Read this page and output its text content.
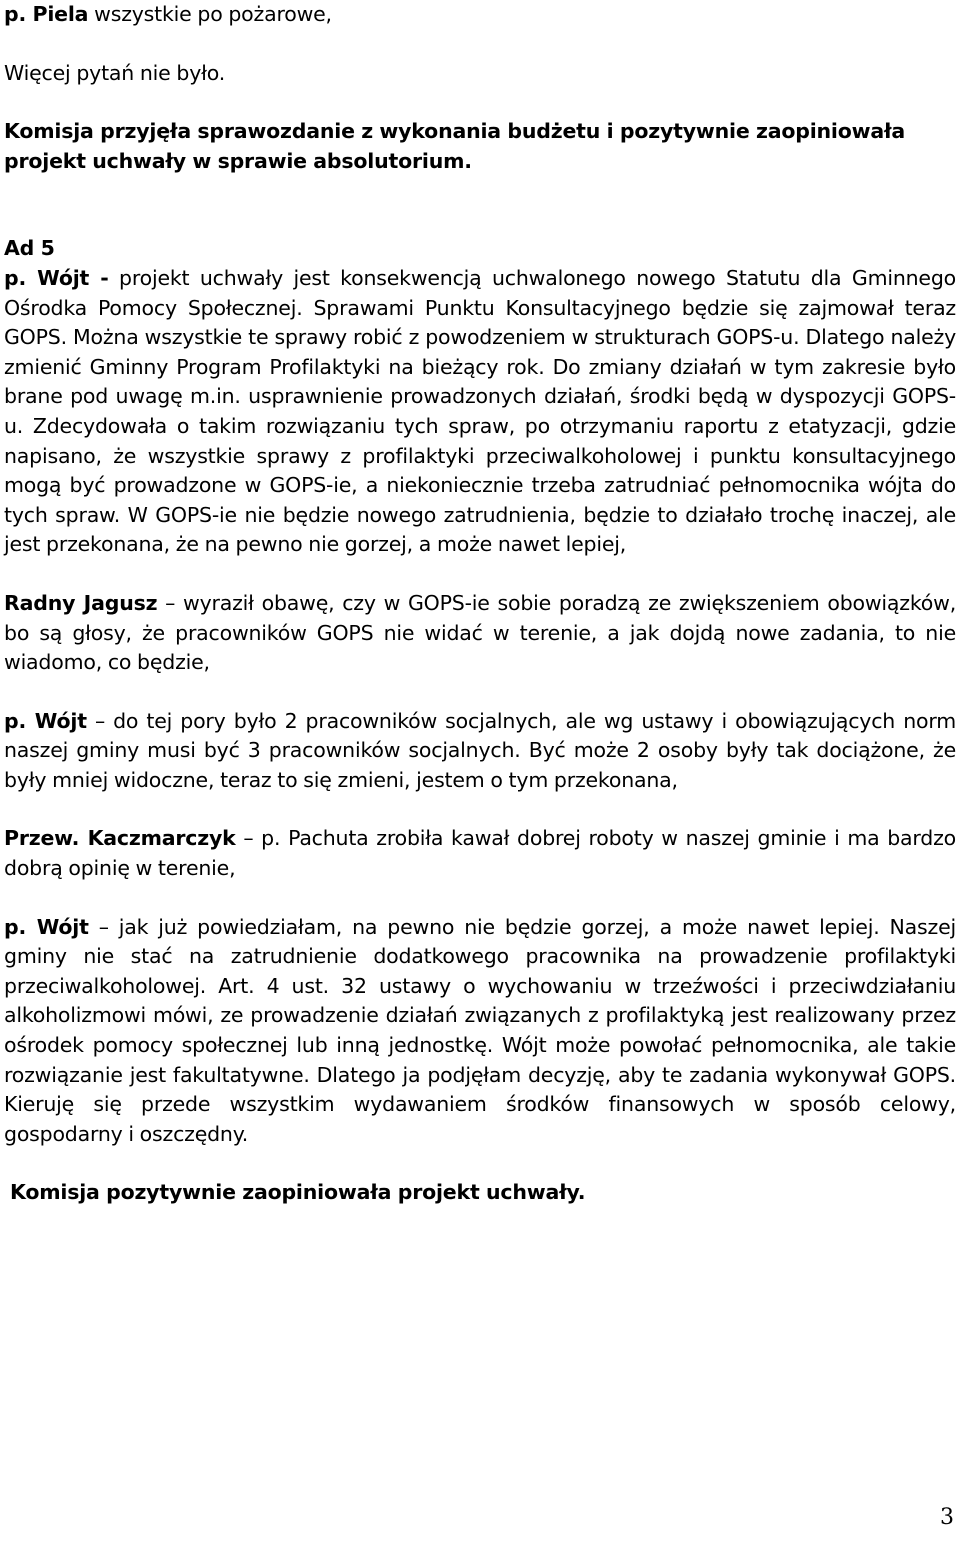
p. Piela wszystkie po pożarowe,

Więcej pytań nie było.

Komisja przyjęła sprawozdanie z wykonania budżetu i pozytywnie zaopiniowała projekt uchwały w sprawie absolutorium.

Ad 5

p. Wójt - projekt uchwały jest konsekwencją uchwalonego nowego Statutu dla Gminnego Ośrodka Pomocy Społecznej. Sprawami Punktu Konsultacyjnego będzie się zajmował teraz GOPS. Można wszystkie te sprawy robić z powodzeniem w strukturach GOPS-u. Dlatego należy zmienić Gminny Program Profilaktyki na bieżący rok. Do zmiany działań w tym zakresie było brane pod uwagę m.in. usprawnienie prowadzonych działań, środki będą w dyspozycji GOPS-u. Zdecydowała o takim rozwiązaniu tych spraw, po otrzymaniu raportu z etatyzacji, gdzie napisano, że wszystkie sprawy z profilaktyki przeciwalkoholowej i punktu konsultacyjnego mogą być prowadzone w GOPS-ie, a niekoniecznie trzeba zatrudniać pełnomocnika wójta do tych spraw. W GOPS-ie nie będzie nowego zatrudnienia, będzie to działało trochę inaczej, ale jest przekonana, że na pewno nie gorzej, a może nawet lepiej,

Radny Jagusz – wyraził obawę, czy w GOPS-ie sobie poradzą ze zwiększeniem obowiązków, bo są głosy, że pracowników GOPS nie widać w terenie, a jak dojdą nowe zadania, to nie wiadomo, co będzie,

p. Wójt – do tej pory było 2 pracowników socjalnych, ale wg ustawy i obowiązujących norm naszej gminy musi być 3 pracowników socjalnych. Być może 2 osoby były tak dociążone, że były mniej widoczne, teraz to się zmieni, jestem o tym przekonana,

Przew. Kaczmarczyk – p. Pachuta zrobiła kawał dobrej roboty w naszej gminie i ma bardzo dobrą opinię w terenie,

p. Wójt – jak już powiedziałam, na pewno nie będzie gorzej, a może nawet lepiej. Naszej gminy nie stać na zatrudnienie dodatkowego pracownika na prowadzenie profilaktyki przeciwalkoholowej. Art. 4 ust. 32 ustawy o wychowaniu w trzeźwości i przeciwdziałaniu alkoholizmowi mówi, ze prowadzenie działań związanych z profilaktyką jest realizowany przez ośrodek pomocy społecznej lub inną jednostkę. Wójt może powołać pełnomocnika, ale takie rozwiązanie jest fakultatywne. Dlatego ja podjęłam decyzję, aby te zadania wykonywał GOPS. Kieruję się przede wszystkim wydawaniem środków finansowych w sposób celowy, gospodarny i oszczędny.

Komisja pozytywnie zaopiniowała projekt uchwały.

3
